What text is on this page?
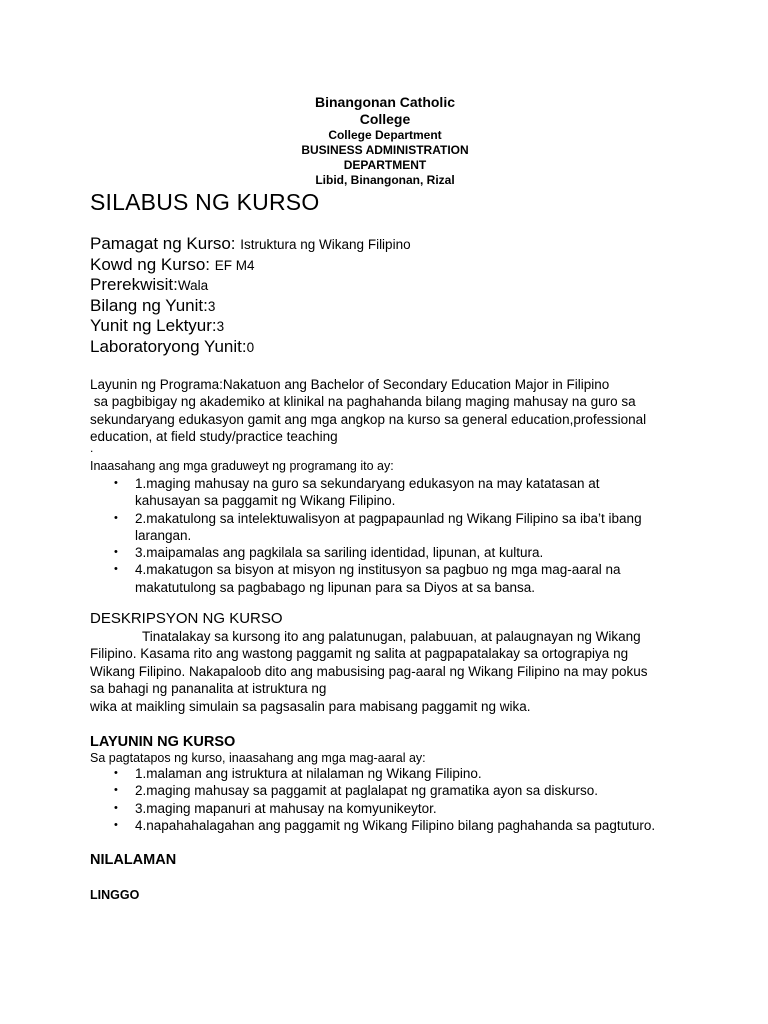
Binangonan Catholic
College
College Department
BUSINESS ADMINISTRATION
DEPARTMENT
Libid, Binangonan, Rizal
SILABUS NG KURSO
Pamagat ng Kurso: Istruktura ng Wikang Filipino
Kowd ng Kurso: EF M4
Prerekwisit:Wala
Bilang ng Yunit:3
Yunit ng Lektyur:3
Laboratoryong Yunit:0
Layunin ng Programa:Nakatuon ang Bachelor of Secondary Education Major in Filipino
sa pagbibigay ng akademiko at klinikal na paghahanda bilang maging mahusay na guro sa
sekundaryang edukasyon gamit ang mga angkop na kurso sa general education,professional
education, at field study/practice teaching
.
Inaasahang ang mga graduweyt ng programang ito ay:
• 1.maging mahusay na guro sa sekundaryang edukasyon na may katatasan at
kahusayan sa paggamit ng Wikang Filipino.
• 2.makatulong sa intelektuwalisyon at pagpapaunlad ng Wikang Filipino sa iba’t ibang
larangan.
• 3.maipamalas ang pagkilala sa sariling identidad, lipunan, at kultura.
• 4.makatugon sa bisyon at misyon ng institusyon sa pagbuo ng mga mag-aaral na
makatutulong sa pagbabago ng lipunan para sa Diyos at sa bansa.
DESKRIPSYON NG KURSO
Tinatalakay sa kursong ito ang palatunugan, palabuuan, at palaugnayan ng Wikang
Filipino. Kasama rito ang wastong paggamit ng salita at pagpapatalakay sa ortograpiya ng
Wikang Filipino. Nakapaloob dito ang mabusising pag-aaral ng Wikang Filipino na may pokus
sa bahagi ng pananalita at istruktura ng
wika at maikling simulain sa pagsasalin para mabisang paggamit ng wika.
LAYUNIN NG KURSO
Sa pagtatapos ng kurso, inaasahang ang mga mag-aaral ay:
• 1.malaman ang istruktura at nilalaman ng Wikang Filipino.
• 2.maging mahusay sa paggamit at paglalapat ng gramatika ayon sa diskurso.
• 3.maging mapanuri at mahusay na komyunikeytor.
• 4.napahahalagahan ang paggamit ng Wikang Filipino bilang paghahanda sa pagtuturo.
NILALAMAN
LINGGO
